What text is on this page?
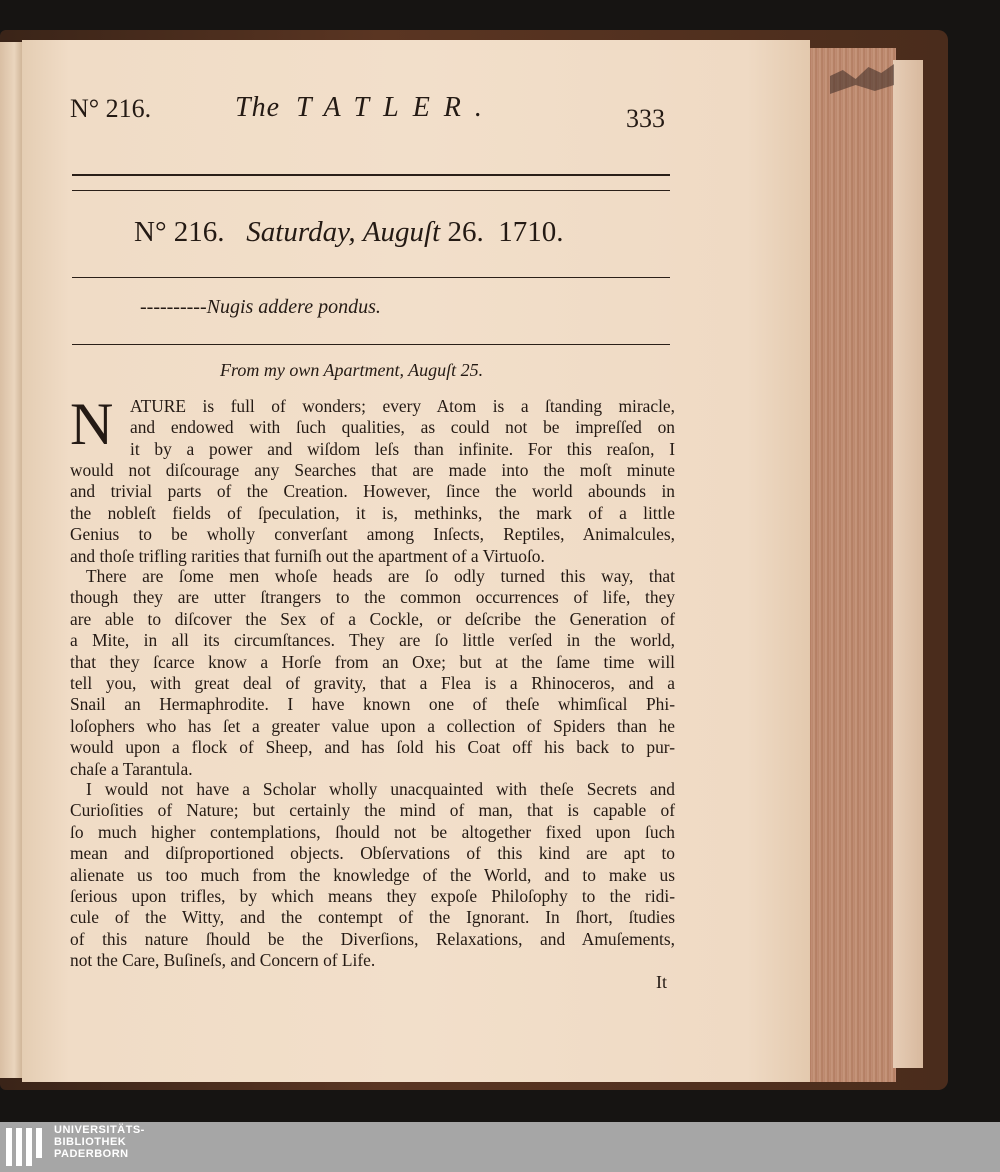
N° 216.	The TATLER.	333
N° 216. Saturday, Auguſt 26. 1710.
----------Nugis addere pondus.
From my own Apartment, Auguſt 25.
N ATURE is full of wonders; every Atom is a ſtanding miracle,
and endowed with ſuch qualities, as could not be impreſſed on
it by a power and wiſdom leſs than infinite. For this reaſon, I
would not diſcourage any Searches that are made into the moſt minute
and trivial parts of the Creation. However, ſince the world abounds in
the nobleſt fields of ſpeculation, it is, methinks, the mark of a little
Genius to be wholly converſant among Inſects, Reptiles, Animalcules,
and thoſe trifling rarities that furniſh out the apartment of a Virtuoſo.
There are ſome men whoſe heads are ſo odly turned this way, that
though they are utter ſtrangers to the common occurrences of life, they
are able to diſcover the Sex of a Cockle, or deſcribe the Generation of
a Mite, in all its circumſtances. They are ſo little verſed in the world,
that they ſcarce know a Horſe from an Oxe; but at the ſame time will
tell you, with great deal of gravity, that a Flea is a Rhinoceros, and a
Snail an Hermaphrodite. I have known one of theſe whimſical Phi-
loſophers who has ſet a greater value upon a collection of Spiders than he
would upon a flock of Sheep, and has ſold his Coat off his back to pur-
chaſe a Tarantula.
I would not have a Scholar wholly unacquainted with theſe Secrets and
Curioſities of Nature; but certainly the mind of man, that is capable of
ſo much higher contemplations, ſhould not be altogether fixed upon ſuch
mean and diſproportioned objects. Obſervations of this kind are apt to
alienate us too much from the knowledge of the World, and to make us
ſerious upon trifles, by which means they expoſe Philoſophy to the ridi-
cule of the Witty, and the contempt of the Ignorant. In ſhort, ſtudies
of this nature ſhould be the Diverſions, Relaxations, and Amuſements,
not the Care, Buſineſs, and Concern of Life.
It
UNIVERSITÄTS-
BIBLIOTHEK
PADERBORN
